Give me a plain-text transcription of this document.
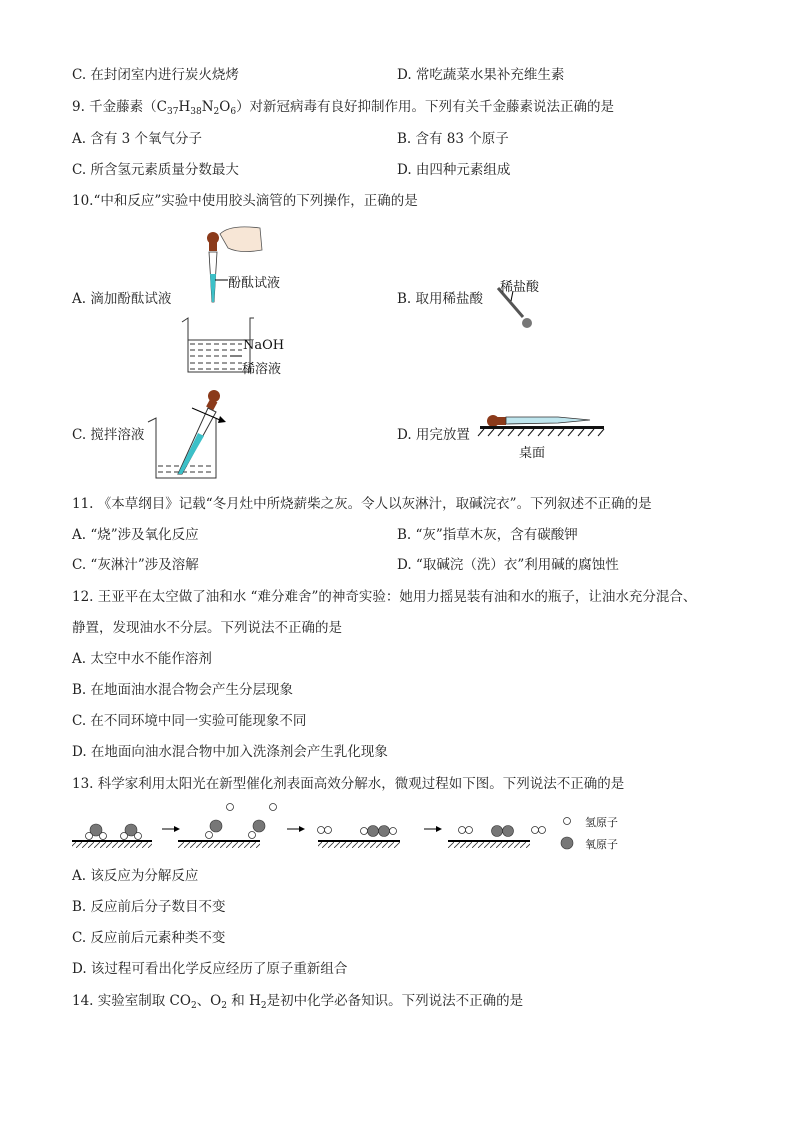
C. 在封闭室内进行炭火烧烤	D. 常吃蔬菜水果补充维生素
9. 千金藤素$(C_{37}H_{38}N_2O_6)$对新冠病毒有良好抑制作用。下列有关千金藤素说法正确的是
A. 含有 3 个氧气分子	B. 含有 83 个原子
C. 所含氢元素质量分数最大	D. 由四种元素组成
10.“中和反应”实验中使用胶头滴管的下列操作，正确的是
A. 滴加酚酞试液	B. 取用稀盐酸
C. 搅拌溶液	D. 用完放置
酚酞试液
NaOH
稀溶液
稀盐酸
桌面
11. 《本草纲目》记载“冬月灶中所烧薪柴之灰。令人以灰淋汁，取碱浣衣”。下列叙述不正确的是
A. “烧”涉及氧化反应	B. “灰”指草木灰，含有碳酸钾
C. “灰淋汁”涉及溶解	D. “取碱浣（洗）衣”利用碱的腐蚀性
12. 王亚平在太空做了油和水 “难分难舍”的神奇实验：她用力摇晃装有油和水的瓶子，让油水充分混合、
静置，发现油水不分层。下列说法不正确的是
A. 太空中水不能作溶剂
B. 在地面油水混合物会产生分层现象
C. 在不同环境中同一实验可能现象不同
D. 在地面向油水混合物中加入洗涤剂会产生乳化现象
13. 科学家利用太阳光在新型催化剂表面高效分解水，微观过程如下图。下列说法不正确的是
氢原子
氧原子
A. 该反应为分解反应
B. 反应前后分子数目不变
C. 反应前后元素种类不变
D. 该过程可看出化学反应经历了原子重新组合
14. 实验室制取 $CO_2$、$O_2$ 和 $H_2$是初中化学必备知识。下列说法不正确的是
